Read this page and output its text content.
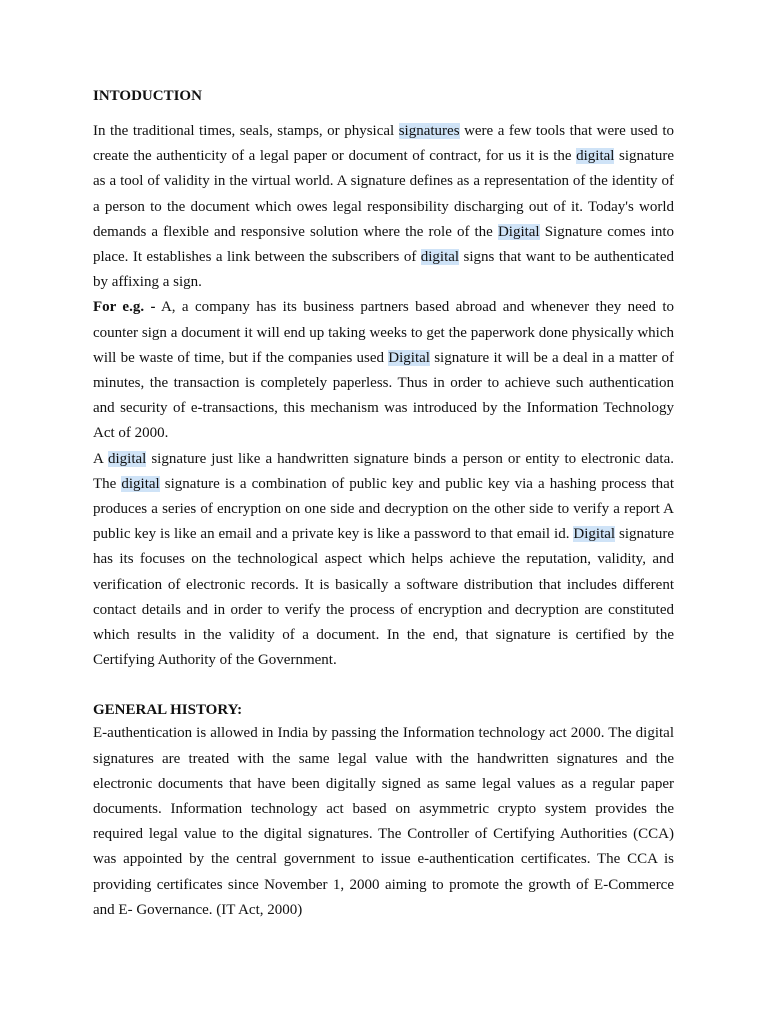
INTODUCTION

In the traditional times, seals, stamps, or physical signatures were a few tools that were used to create the authenticity of a legal paper or document of contract, for us it is the digital signature as a tool of validity in the virtual world. A signature defines as a representation of the identity of a person to the document which owes legal responsibility discharging out of it. Today's world demands a flexible and responsive solution where the role of the Digital Signature comes into place. It establishes a link between the subscribers of digital signs that want to be authenticated by affixing a sign.

For e.g. - A, a company has its business partners based abroad and whenever they need to counter sign a document it will end up taking weeks to get the paperwork done physically which will be waste of time, but if the companies used Digital signature it will be a deal in a matter of minutes, the transaction is completely paperless. Thus in order to achieve such authentication and security of e-transactions, this mechanism was introduced by the Information Technology Act of 2000.

A digital signature just like a handwritten signature binds a person or entity to electronic data. The digital signature is a combination of public key and public key via a hashing process that produces a series of encryption on one side and decryption on the other side to verify a report A public key is like an email and a private key is like a password to that email id. Digital signature has its focuses on the technological aspect which helps achieve the reputation, validity, and verification of electronic records. It is basically a software distribution that includes different contact details and in order to verify the process of encryption and decryption are constituted which results in the validity of a document. In the end, that signature is certified by the Certifying Authority of the Government.

GENERAL HISTORY:

E-authentication is allowed in India by passing the Information technology act 2000. The digital signatures are treated with the same legal value with the handwritten signatures and the electronic documents that have been digitally signed as same legal values as a regular paper documents. Information technology act based on asymmetric crypto system provides the required legal value to the digital signatures. The Controller of Certifying Authorities (CCA) was appointed by the central government to issue e-authentication certificates. The CCA is providing certificates since November 1, 2000 aiming to promote the growth of E-Commerce and E- Governance. (IT Act, 2000)
